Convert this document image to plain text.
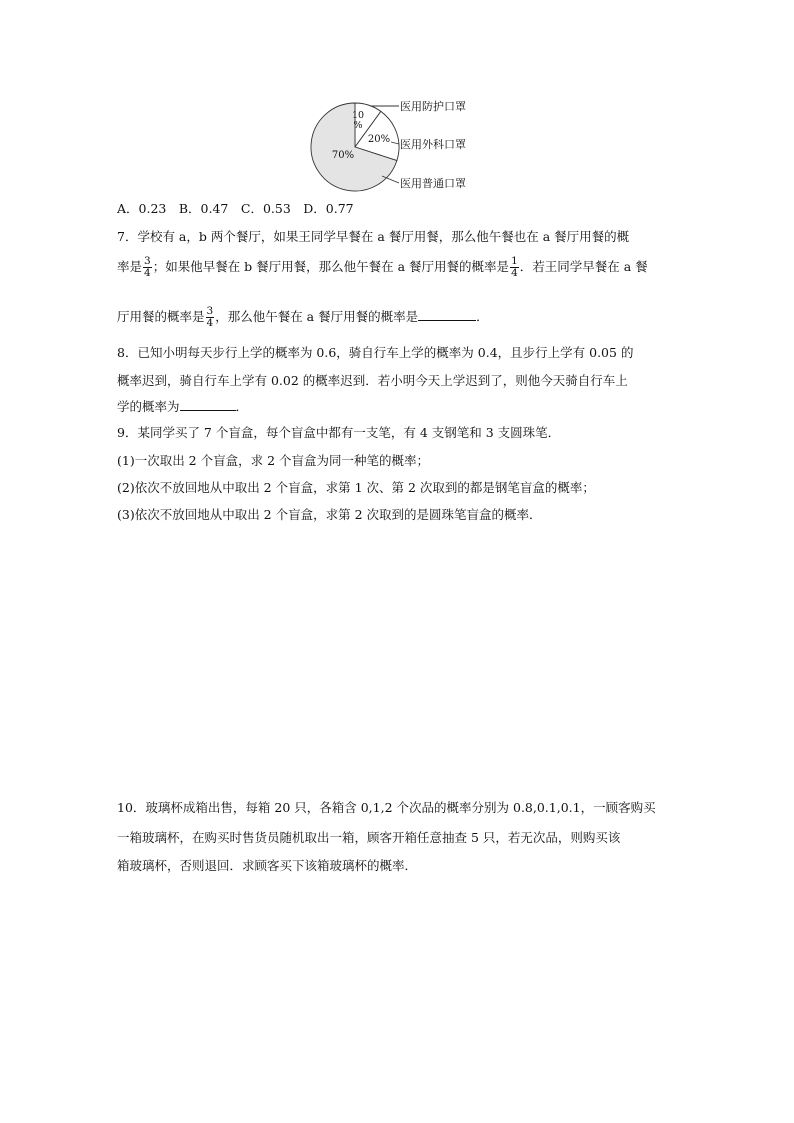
10
%
20%
70%
医用防护口罩
医用外科口罩
医用普通口罩
A．0.23　B．0.47　C．0.53　D．0.77
7．学校有 a，b 两个餐厅，如果王同学早餐在 a 餐厅用餐，那么他午餐也在 a 餐厅用餐的概
率是 $\frac{3}{4}$ ；如果他早餐在 b 餐厅用餐，那么他午餐在 a 餐厅用餐的概率是 $\frac{1}{4}$ ．若王同学早餐在 a 餐
厅用餐的概率是 $\frac{3}{4}$ ，那么他午餐在 a 餐厅用餐的概率是	．
8．已知小明每天步行上学的概率为 0.6，骑自行车上学的概率为 0.4，且步行上学有 0.05 的
概率迟到，骑自行车上学有 0.02 的概率迟到．若小明今天上学迟到了，则他今天骑自行车上
学的概率为	．
9．某同学买了 7 个盲盒，每个盲盒中都有一支笔，有 4 支钢笔和 3 支圆珠笔．
(1)一次取出 2 个盲盒，求 2 个盲盒为同一种笔的概率；
(2)依次不放回地从中取出 2 个盲盒，求第 1 次、第 2 次取到的都是钢笔盲盒的概率；
(3)依次不放回地从中取出 2 个盲盒，求第 2 次取到的是圆珠笔盲盒的概率．
10．玻璃杯成箱出售，每箱 20 只，各箱含 0,1,2 个次品的概率分别为 0.8,0.1,0.1，一顾客购买
一箱玻璃杯，在购买时售货员随机取出一箱，顾客开箱任意抽查 5 只，若无次品，则购买该
箱玻璃杯，否则退回．求顾客买下该箱玻璃杯的概率．
